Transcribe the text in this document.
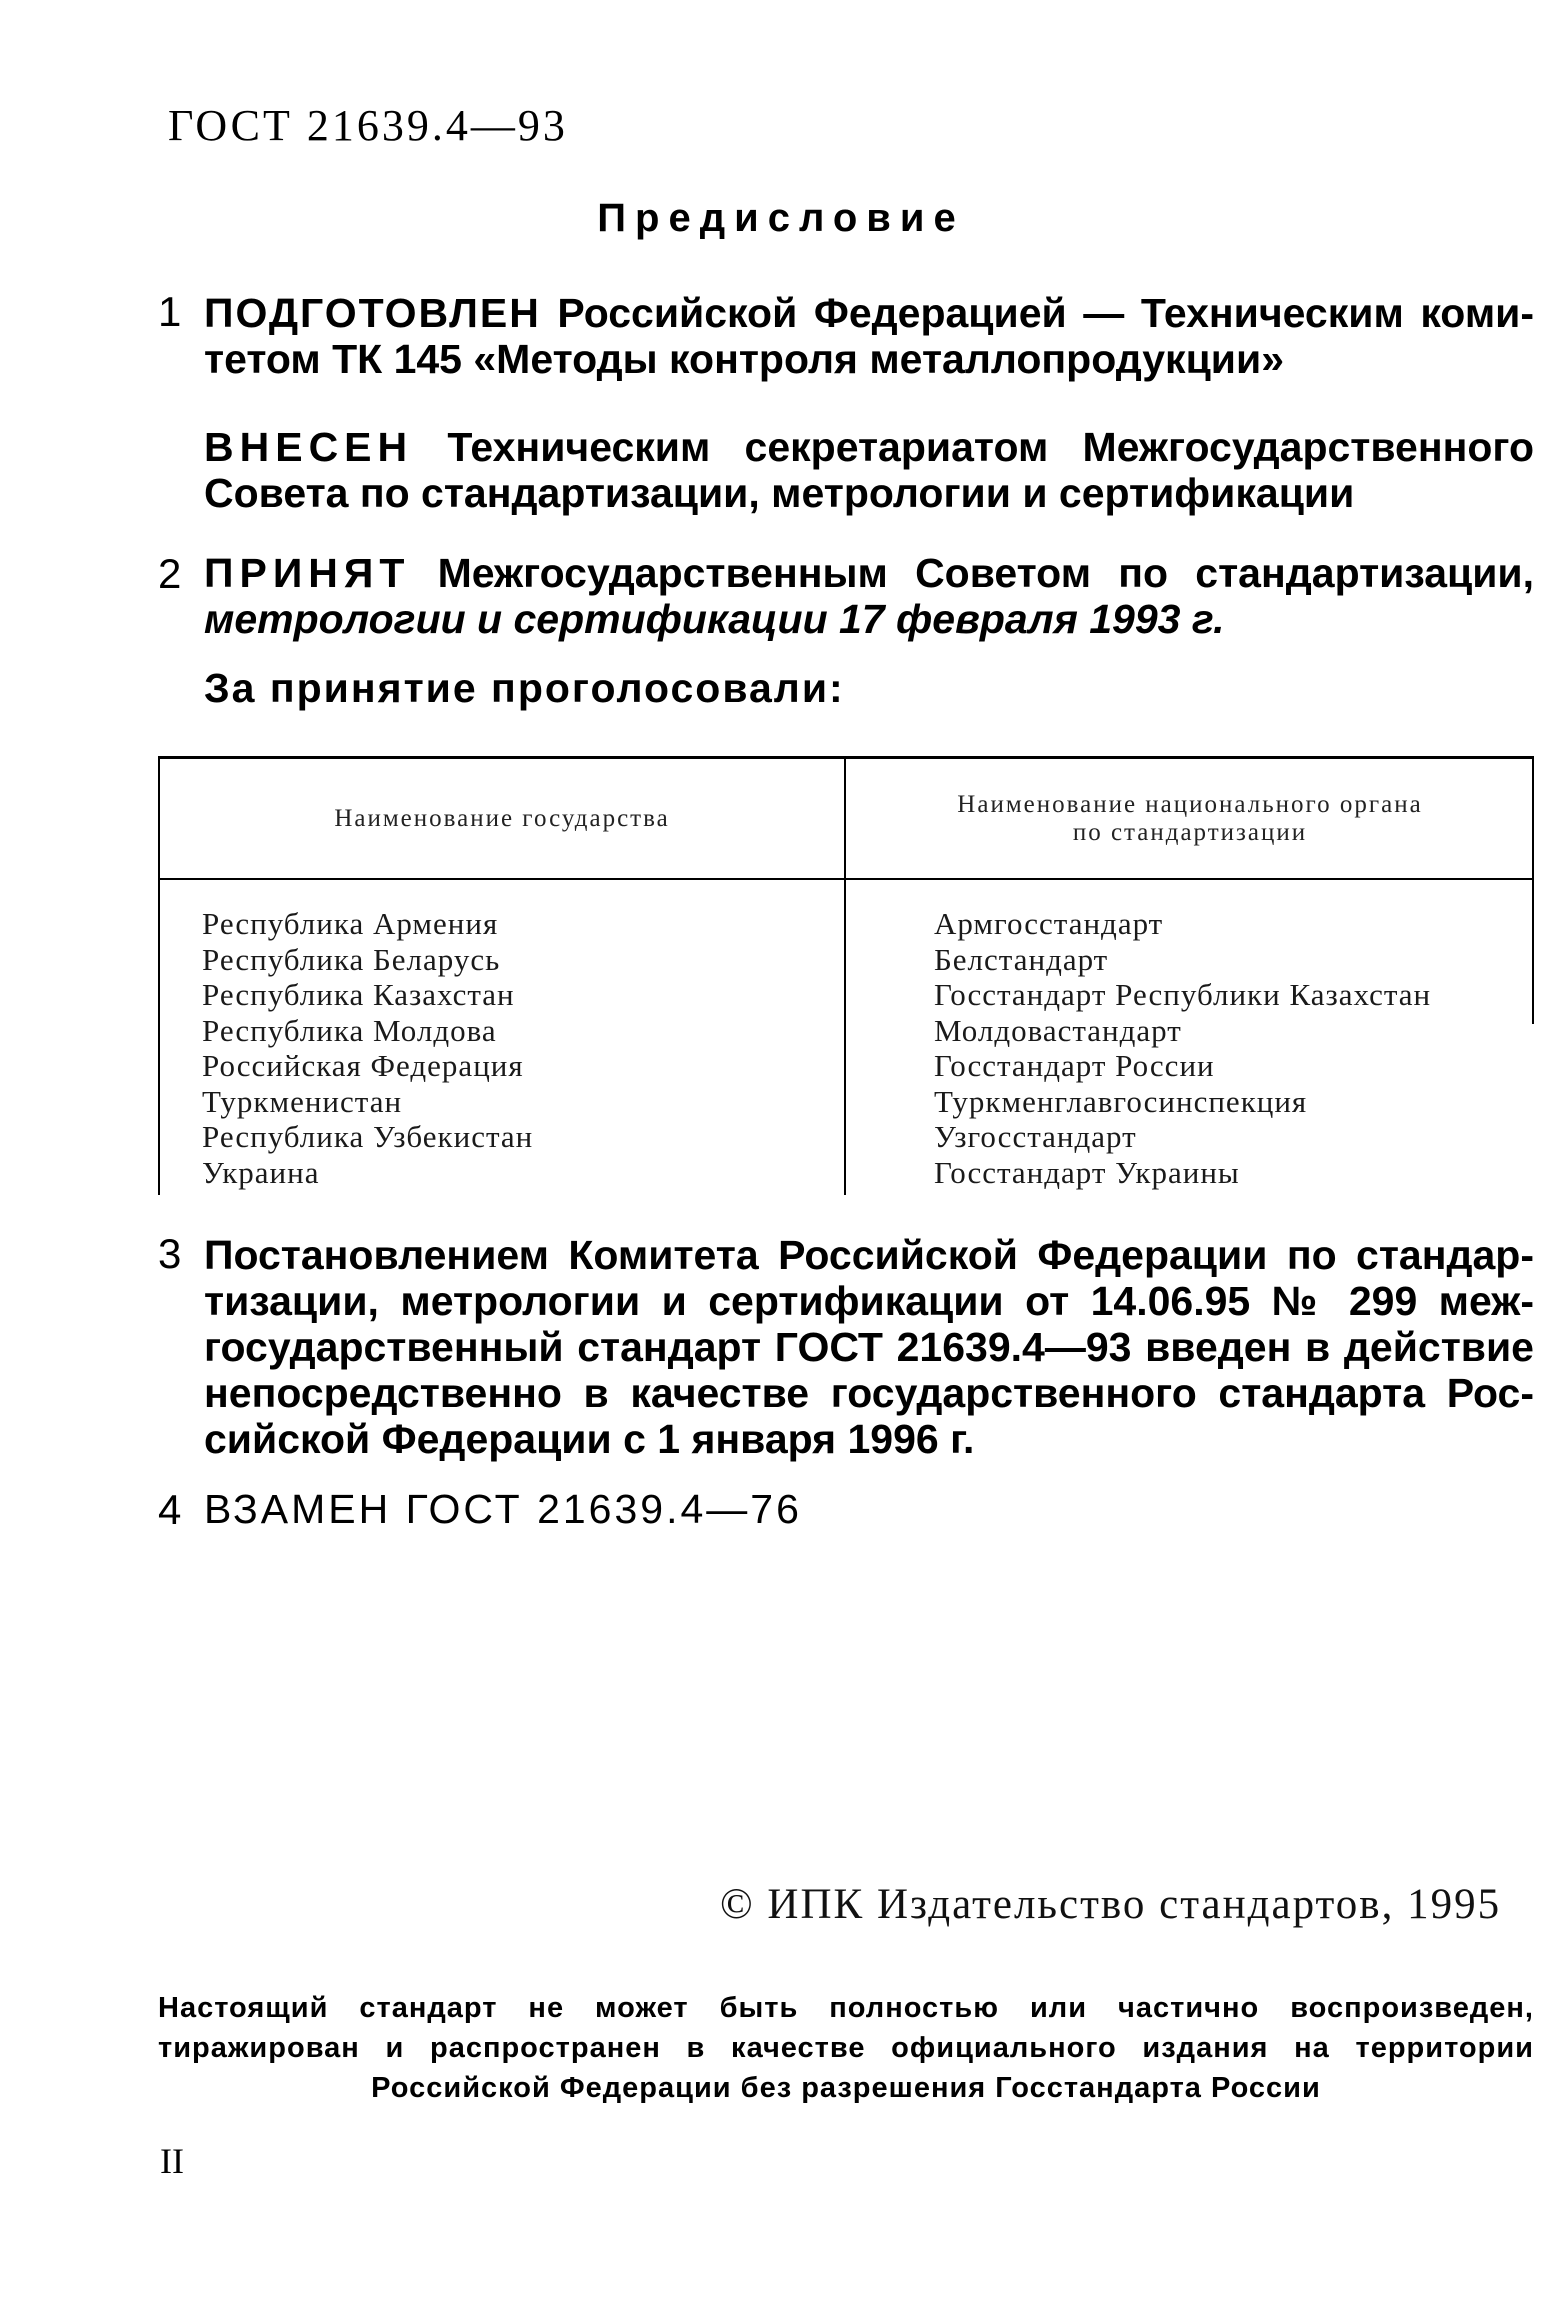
ГОСТ 21639.4—93
Предисловие
1 ПОДГОТОВЛЕН Российской Федерацией — Техническим коми-
тетом ТК 145 «Методы контроля металлопродукции»
ВНЕСЕН Техническим секретариатом Межгосударственного
Совета по стандартизации, метрологии и сертификации
2 ПРИНЯТ Межгосударственным Советом по стандартизации,
метрологии и сертификации 17 февраля 1993 г.
За принятие проголосовали:
Наименование государства
Наименование национального органа
по стандартизации
Республика Армения
Республика Беларусь
Республика Казахстан
Республика Молдова
Российская Федерация
Туркменистан
Республика Узбекистан
Украина
Армгосстандарт
Белстандарт
Госстандарт Республики Казахстан
Молдовастандарт
Госстандарт России
Туркменглавгосинспекция
Узгосстандарт
Госстандарт Украины
3 Постановлением Комитета Российской Федерации по стандар-
тизации, метрологии и сертификации от 14.06.95 № 299 меж-
государственный стандарт ГОСТ 21639.4—93 введен в действие
непосредственно в качестве государственного стандарта Рос-
сийской Федерации с 1 января 1996 г.
4 ВЗАМЕН ГОСТ 21639.4—76
© ИПК Издательство стандартов, 1995
Настоящий стандарт не может быть полностью или частично воспроизведен,
тиражирован и распространен в качестве официального издания на территории
Российской Федерации без разрешения Госстандарта России
II
